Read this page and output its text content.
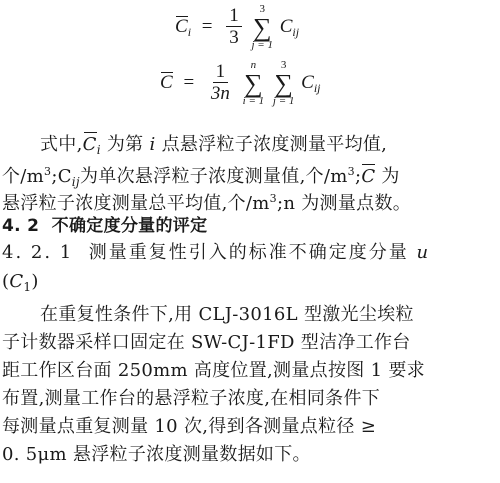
$C_i = \frac{1}{3}$
3
∑
j = 1
$C_{ij}$
$C = \frac{1}{3n}$
n
∑
i = 1

3
∑
j = 1
$C_{ij}$
式中$,C_i$ 为第 i 点悬浮粒子浓度测量平均值,
个$/m^3;C_{ij}$为单次悬浮粒子浓度测量值,个$/m^3;C$ 为
悬浮粒子浓度测量总平均值,个$/m^3;n$ 为测量点数。
4. 2 不确定度分量的评定
4. 2. 1 测量重复性引入的标准不确定度分量 u
$(C_1)$
在重复性条件下,用 CLJ-3016L 型激光尘埃粒
子计数器采样口固定在 SW-CJ-1FD 型洁净工作台
距工作区台面 250mm 高度位置,测量点按图 1 要求
布置,测量工作台的悬浮粒子浓度,在相同条件下
每测量点重复测量 10 次,得到各测量点粒径 ≥
0. 5μm 悬浮粒子浓度测量数据如下。
